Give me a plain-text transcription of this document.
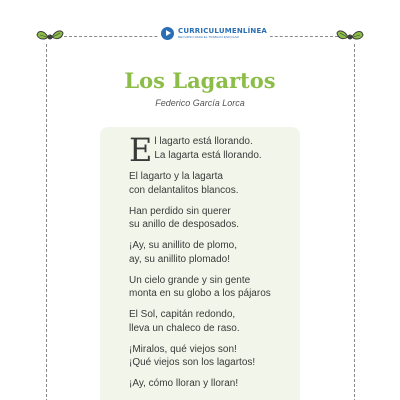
CURRICULUMENLÍNEA
RECURSO PARA EL TRABAJO ESCOLAR
Los Lagartos
Federico García Lorca
E l lagarto está llorando.
La lagarta está llorando.
El lagarto y la lagarta
con delantalitos blancos.
Han perdido sin querer
su anillo de desposados.
¡Ay, su anillito de plomo,
ay, su anillito plomado!
Un cielo grande y sin gente
monta en su globo a los pájaros
El Sol, capitán redondo,
lleva un chaleco de raso.
¡Miralos, qué viejos son!
¡Qué viejos son los lagartos!
¡Ay, cómo lloran y lloran!
